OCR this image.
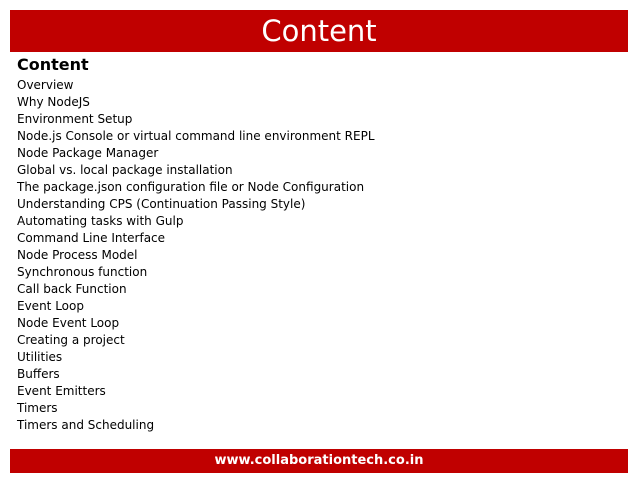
Content
Content
Overview
Why NodeJS
Environment Setup
Node.js Console or virtual command line environment REPL
Node Package Manager
Global vs. local package installation
The package.json configuration file or Node Configuration
Understanding CPS (Continuation Passing Style)
Automating tasks with Gulp
Command Line Interface
Node Process Model
Synchronous function
Call back Function
Event Loop
Node Event Loop
Creating a project
Utilities
Buffers
Event Emitters
Timers
Timers and Scheduling
www.collaborationtech.co.in
